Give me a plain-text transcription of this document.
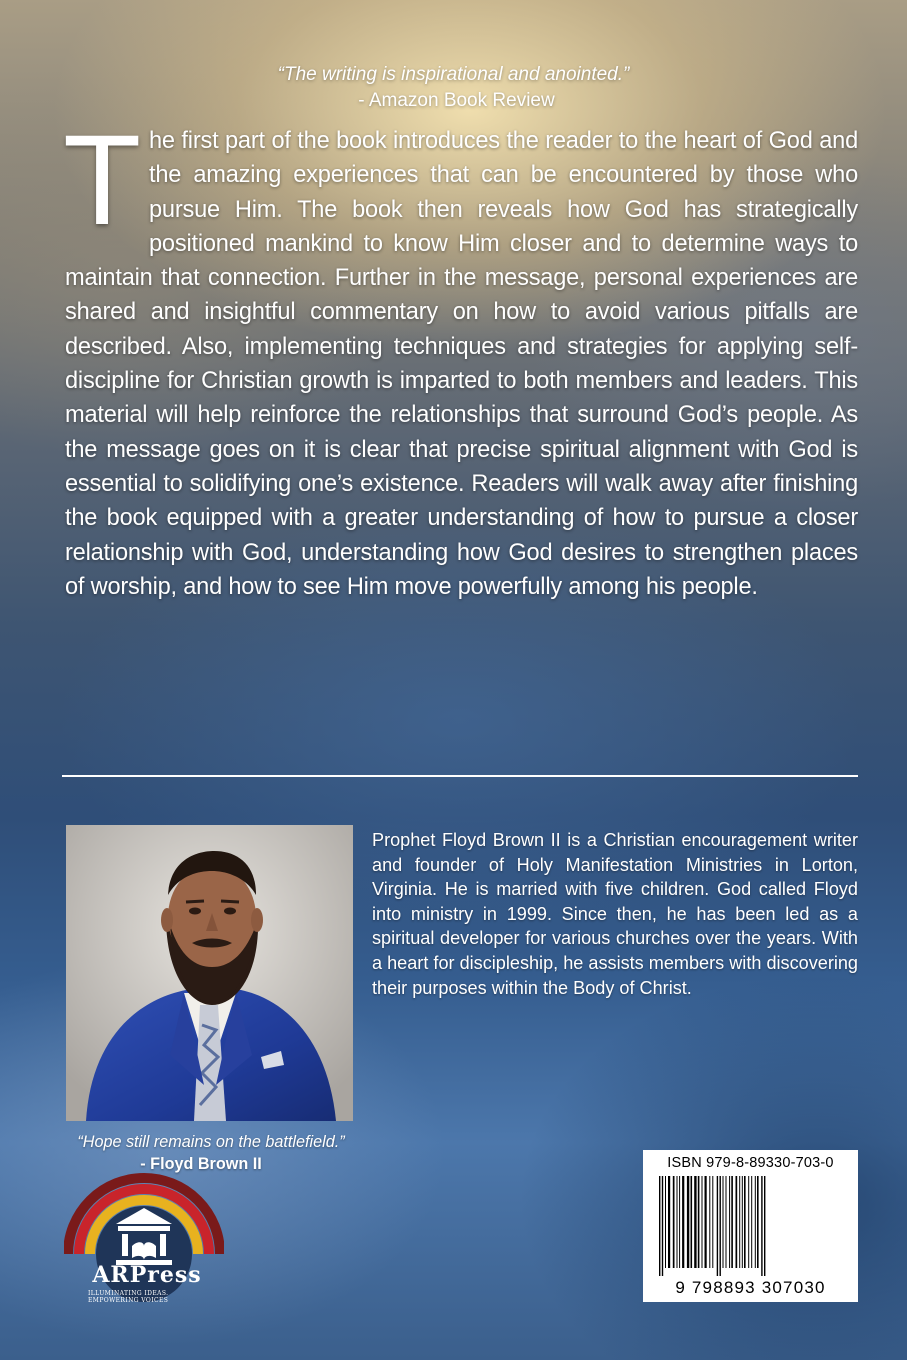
“The writing is inspirational and anointed.”
- Amazon Book Review
The first part of the book introduces the reader to the heart of God and the amazing experiences that can be encountered by those who pursue Him. The book then reveals how God has strategically positioned mankind to know Him closer and to determine ways to maintain that connection. Further in the message, personal experiences are shared and insightful commentary on how to avoid various pitfalls are described. Also, implementing techniques and strategies for applying self-discipline for Christian growth is imparted to both members and leaders. This material will help reinforce the relationships that surround God’s people. As the message goes on it is clear that precise spiritual alignment with God is essential to solidifying one’s existence. Readers will walk away after finishing the book equipped with a greater understanding of how to pursue a closer relationship with God, understanding how God desires to strengthen places of worship, and how to see Him move powerfully among his people.
Prophet Floyd Brown II is a Christian encouragement writer and founder of Holy Manifestation Ministries in Lorton, Virginia. He is married with five children. God called Floyd into ministry in 1999. Since then, he has been led as a spiritual developer for various churches over the years. With a heart for discipleship, he assists members with discovering their purposes within the Body of Christ.
“Hope still remains on the battlefield.”
- Floyd Brown II
ARPress
ILLUMINATING IDEAS.
EMPOWERING VOICES
ISBN 979-8-89330-703-0
9 798893 307030
